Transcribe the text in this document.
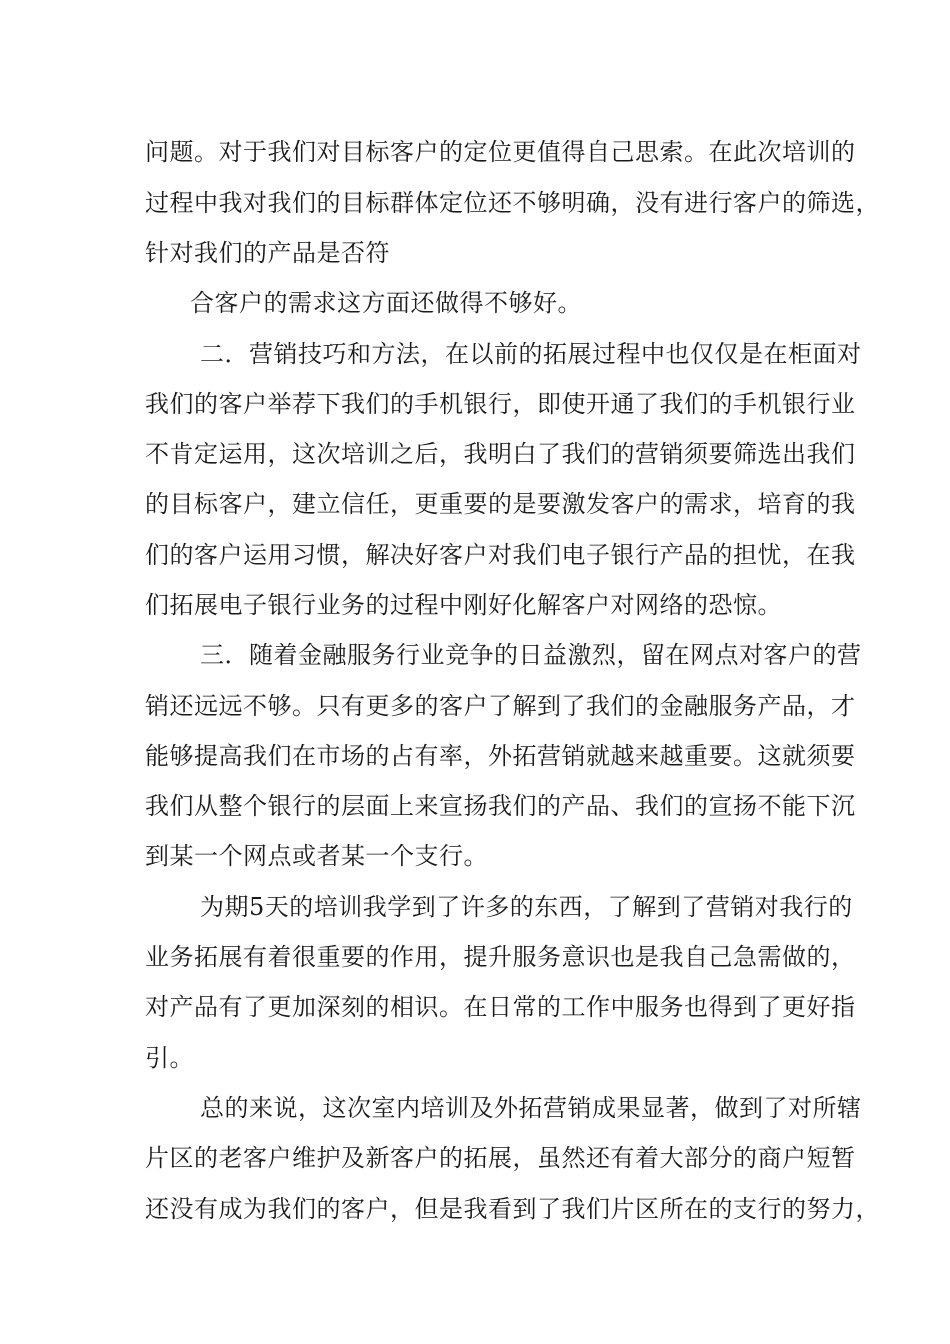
问题。对于我们对目标客户的定位更值得自己思索。在此次培训的
过程中我对我们的目标群体定位还不够明确，没有进行客户的筛选，
针对我们的产品是否符
合客户的需求这方面还做得不够好。
二．营销技巧和方法，在以前的拓展过程中也仅仅是在柜面对
我们的客户举荐下我们的手机银行，即使开通了我们的手机银行业
不肯定运用，这次培训之后，我明白了我们的营销须要筛选出我们
的目标客户，建立信任，更重要的是要激发客户的需求，培育的我
们的客户运用习惯，解决好客户对我们电子银行产品的担忧，在我
们拓展电子银行业务的过程中刚好化解客户对网络的恐惊。
三．随着金融服务行业竞争的日益激烈，留在网点对客户的营
销还远远不够。只有更多的客户了解到了我们的金融服务产品，才
能够提高我们在市场的占有率，外拓营销就越来越重要。这就须要
我们从整个银行的层面上来宣扬我们的产品、我们的宣扬不能下沉
到某一个网点或者某一个支行。
为期5天的培训我学到了许多的东西，了解到了营销对我行的
业务拓展有着很重要的作用，提升服务意识也是我自己急需做的，
对产品有了更加深刻的相识。在日常的工作中服务也得到了更好指
引。
总的来说，这次室内培训及外拓营销成果显著，做到了对所辖
片区的老客户维护及新客户的拓展，虽然还有着大部分的商户短暂
还没有成为我们的客户，但是我看到了我们片区所在的支行的努力，
